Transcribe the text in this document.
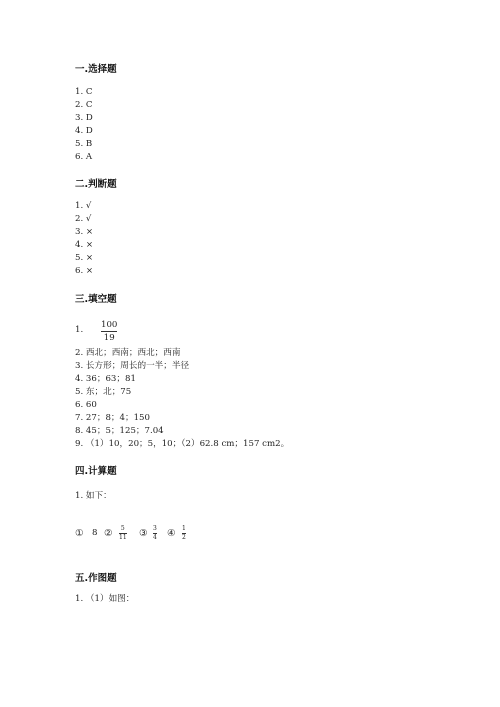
一.选择题
1. C
2. C
3. D
4. D
5. B
6. A
二.判断题
1. √
2. √
3. ×
4. ×
5. ×
6. ×
三.填空题
1. 100
19
2. 西北；西南；西北；西南
3. 长方形；周长的一半；半径
4. 36；63；81
5. 东；北；75
6. 60
7. 27；8；4；150
8. 45；5；125；7.04
9. （1）10，20；5，10；（2）62.8 cm；157 cm2。
四.计算题
1. 如下：
① 8 ② 5
11 ③ 3
4 ④ 1
2
五.作图题
1. （1）如图：
